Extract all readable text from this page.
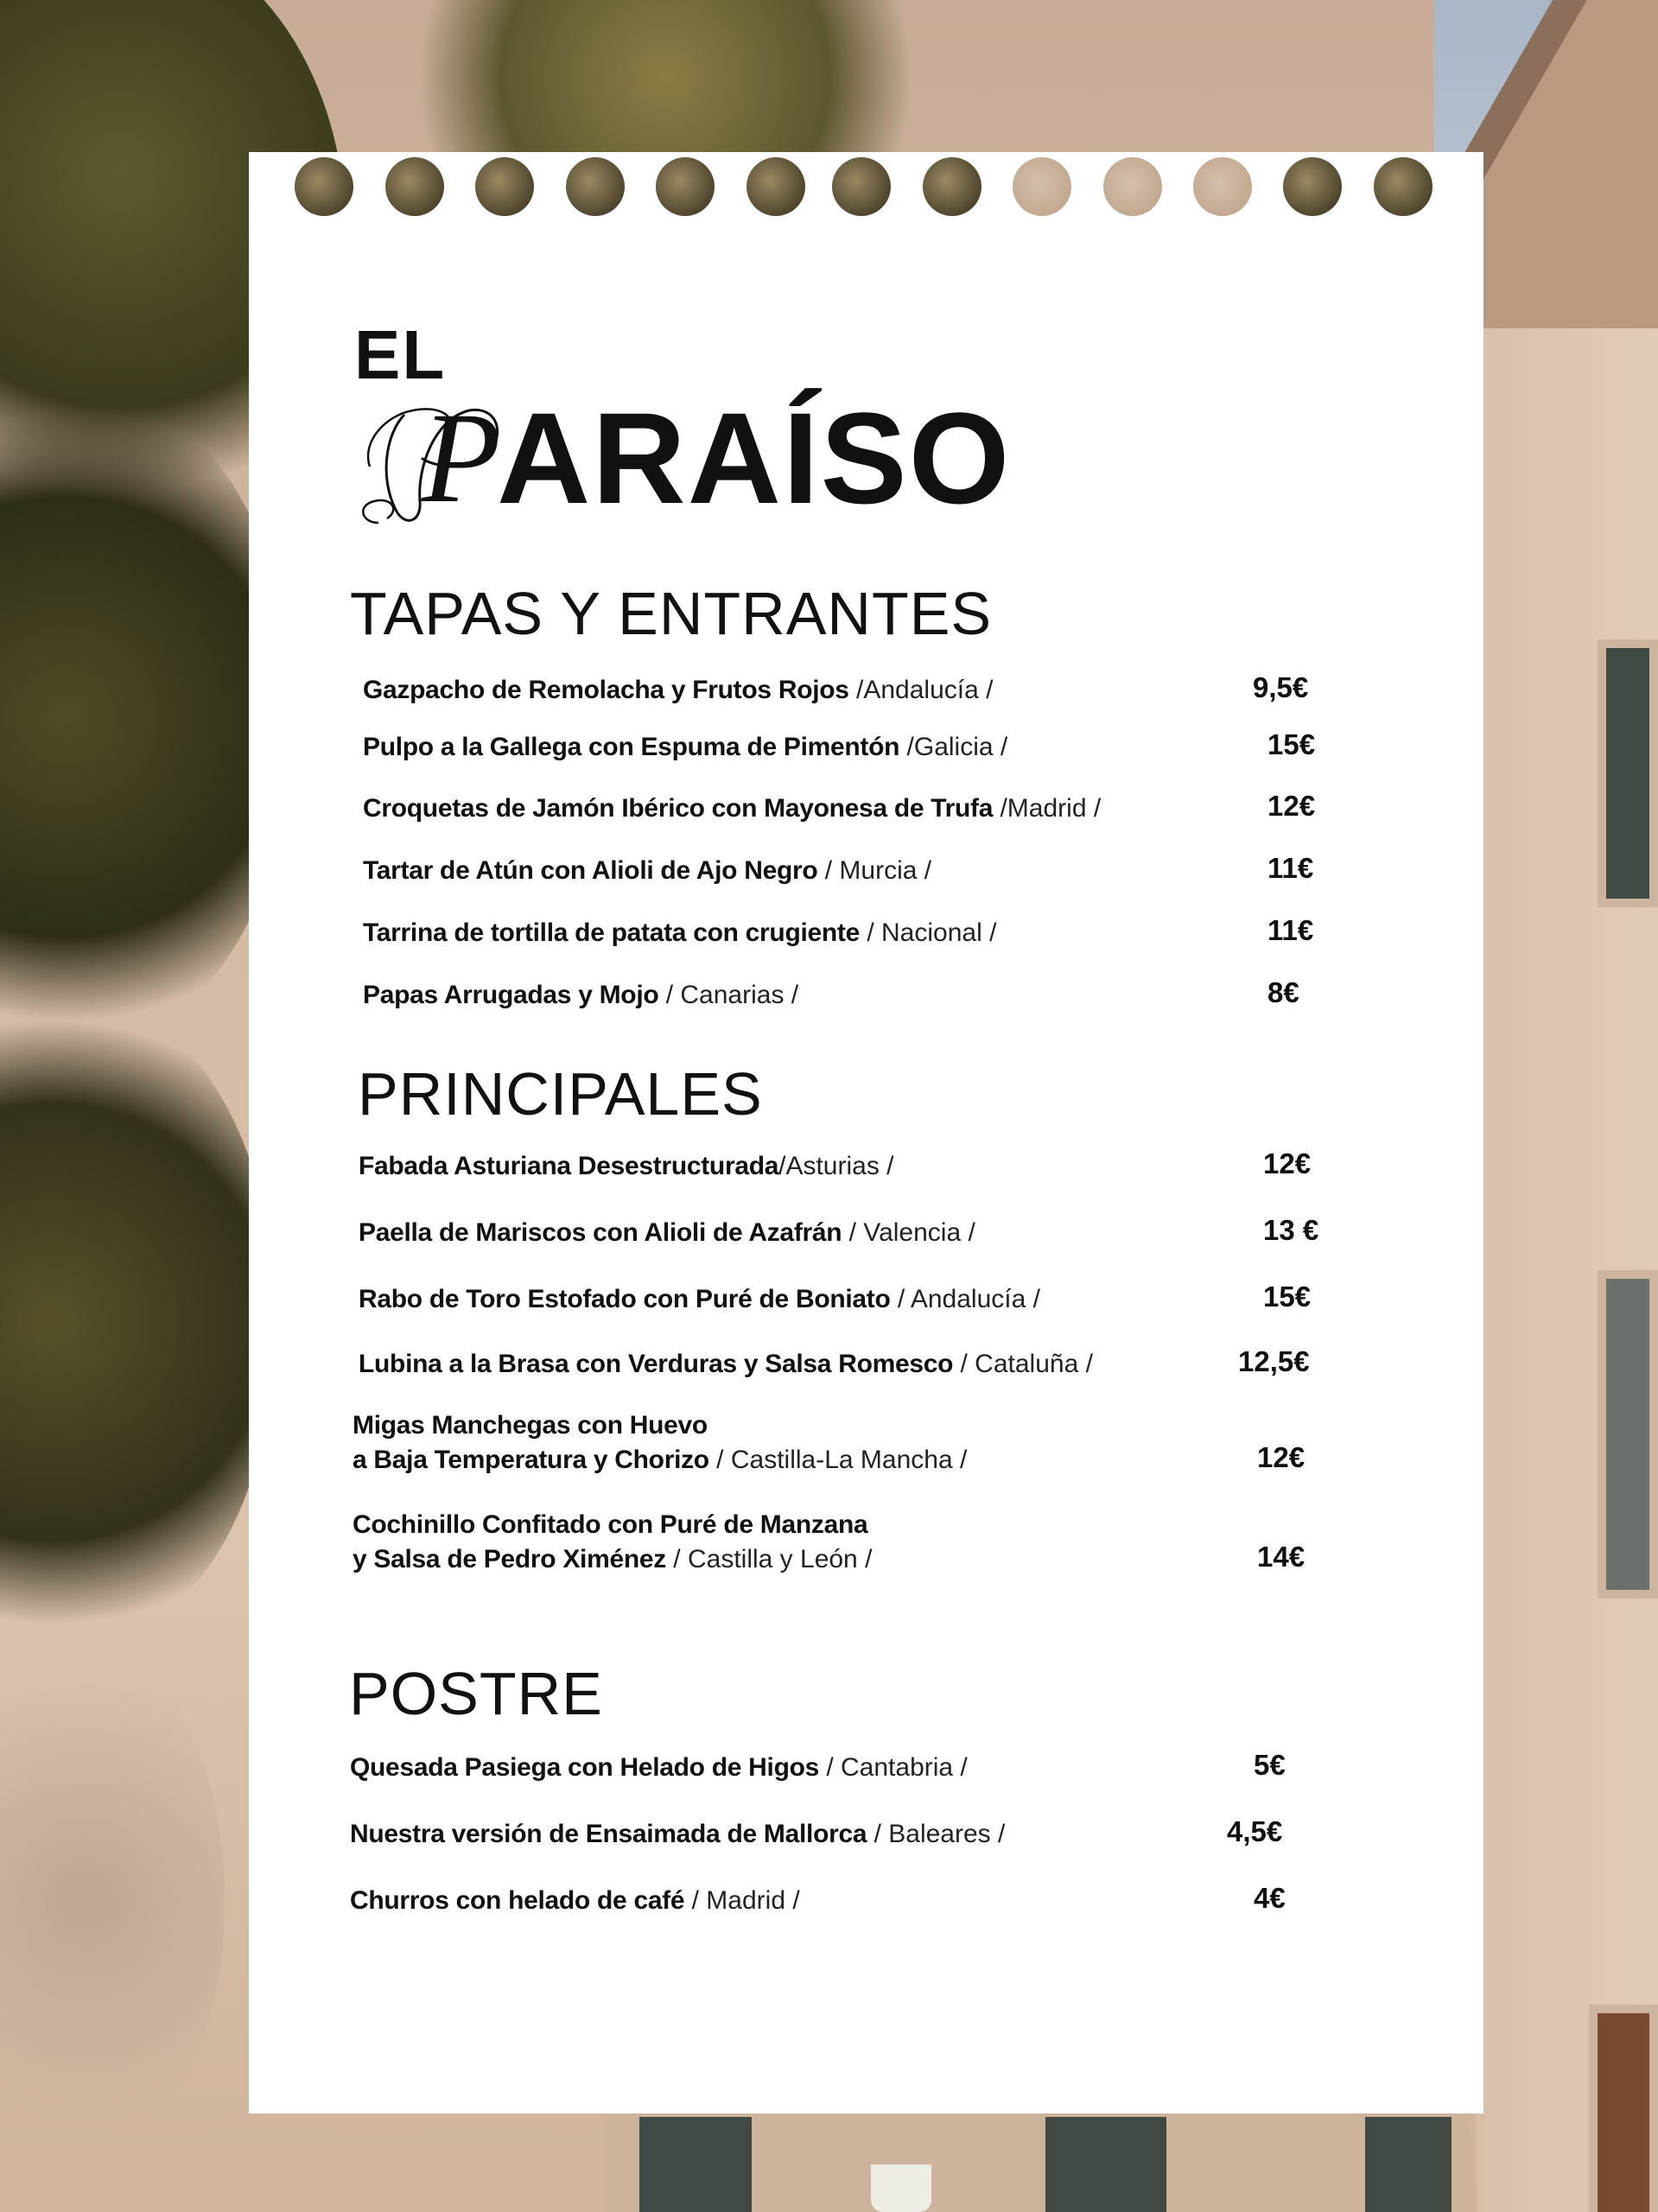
EL
P
ARAÍSO
TAPAS Y ENTRANTES
Gazpacho de Remolacha y Frutos Rojos /Andalucía /	9,5€
Pulpo a la Gallega con Espuma de Pimentón /Galicia /	15€
Croquetas de Jamón Ibérico con Mayonesa de Trufa /Madrid /	12€
Tartar de Atún con Alioli de Ajo Negro / Murcia /	11€
Tarrina de tortilla de patata con crugiente / Nacional /	11€
Papas Arrugadas y Mojo / Canarias /	8€
PRINCIPALES
Fabada Asturiana Desestructurada/Asturias /	12€
Paella de Mariscos con Alioli de Azafrán / Valencia /	13 €
Rabo de Toro Estofado con Puré de Boniato / Andalucía /	15€
Lubina a la Brasa con Verduras y Salsa Romesco / Cataluña /	12,5€
Migas Manchegas con Huevo
a Baja Temperatura y Chorizo / Castilla-La Mancha /	12€
Cochinillo Confitado con Puré de Manzana
y Salsa de Pedro Ximénez / Castilla y León /	14€
POSTRE
Quesada Pasiega con Helado de Higos / Cantabria /	5€
Nuestra versión de Ensaimada de Mallorca / Baleares /	4,5€
Churros con helado de café / Madrid /	4€
